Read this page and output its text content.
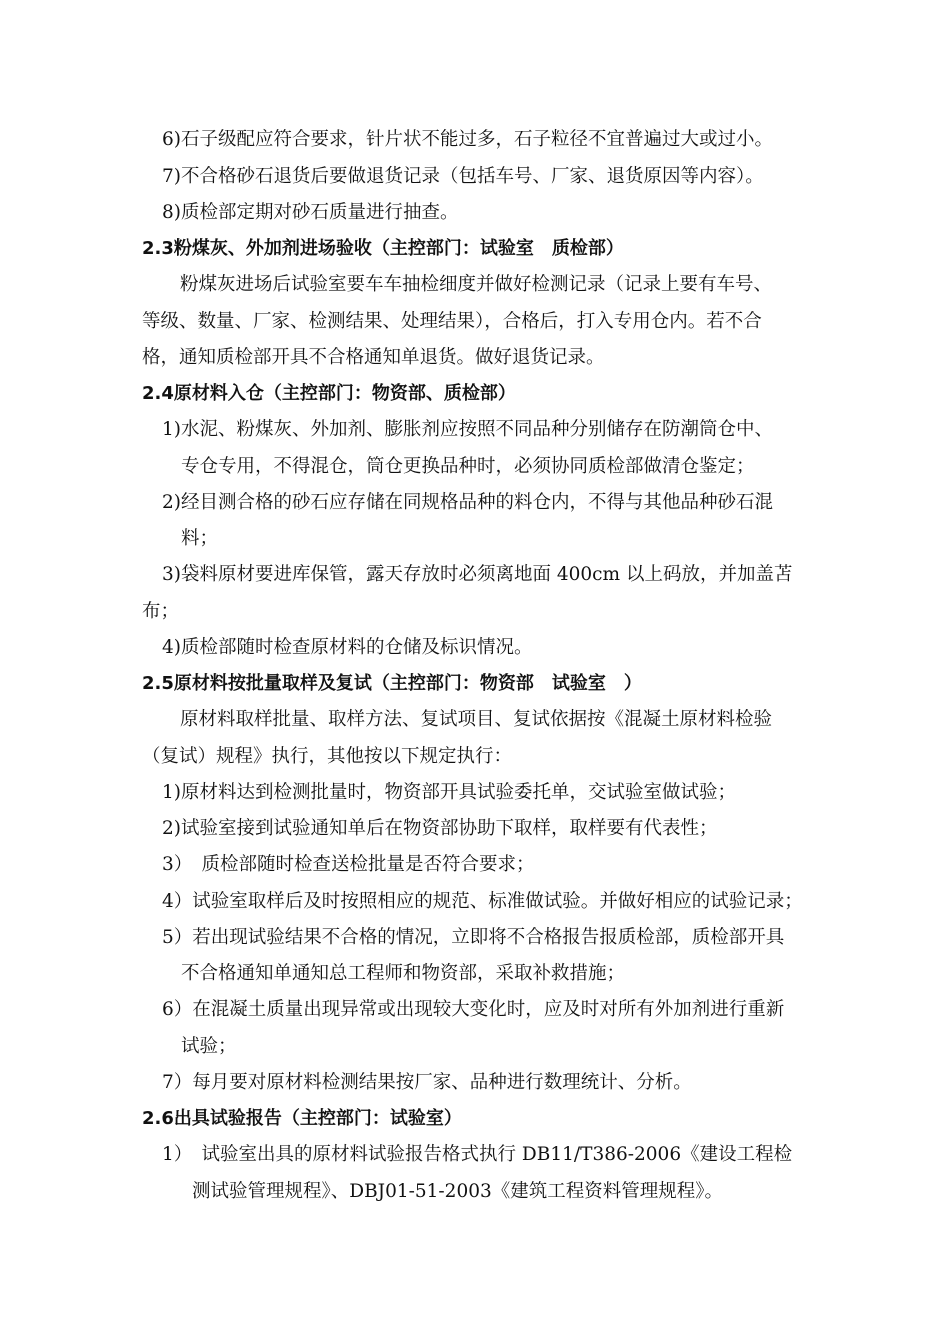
6)石子级配应符合要求，针片状不能过多，石子粒径不宜普遍过大或过小。
7)不合格砂石退货后要做退货记录（包括车号、厂家、退货原因等内容）。
8)质检部定期对砂石质量进行抽查。
2.3粉煤灰、外加剂进场验收（主控部门：试验室　质检部）
粉煤灰进场后试验室要车车抽检细度并做好检测记录（记录上要有车号、
等级、数量、厂家、检测结果、处理结果），合格后，打入专用仓内。若不合
格，通知质检部开具不合格通知单退货。做好退货记录。
2.4原材料入仓（主控部门：物资部、质检部）
1)水泥、粉煤灰、外加剂、膨胀剂应按照不同品种分别储存在防潮筒仓中、
专仓专用，不得混仓，筒仓更换品种时，必须协同质检部做清仓鉴定；
2)经目测合格的砂石应存储在同规格品种的料仓内，不得与其他品种砂石混
料；
3)袋料原材要进库保管，露天存放时必须离地面 400cm 以上码放，并加盖苫
布；
4)质检部随时检查原材料的仓储及标识情况。
2.5原材料按批量取样及复试（主控部门：物资部　试验室　）
原材料取样批量、取样方法、复试项目、复试依据按《混凝土原材料检验
（复试）规程》执行，其他按以下规定执行：
1)原材料达到检测批量时，物资部开具试验委托单，交试验室做试验；
2)试验室接到试验通知单后在物资部协助下取样，取样要有代表性；
3）　质检部随时检查送检批量是否符合要求；
4）试验室取样后及时按照相应的规范、标准做试验。并做好相应的试验记录；
5）若出现试验结果不合格的情况，立即将不合格报告报质检部，质检部开具
不合格通知单通知总工程师和物资部，采取补救措施；
6）在混凝土质量出现异常或出现较大变化时，应及时对所有外加剂进行重新
试验；
7）每月要对原材料检测结果按厂家、品种进行数理统计、分析。
2.6出具试验报告（主控部门：试验室）
1）　试验室出具的原材料试验报告格式执行 DB11/T386-2006《建设工程检
测试验管理规程》、DBJ01-51-2003《建筑工程资料管理规程》。
